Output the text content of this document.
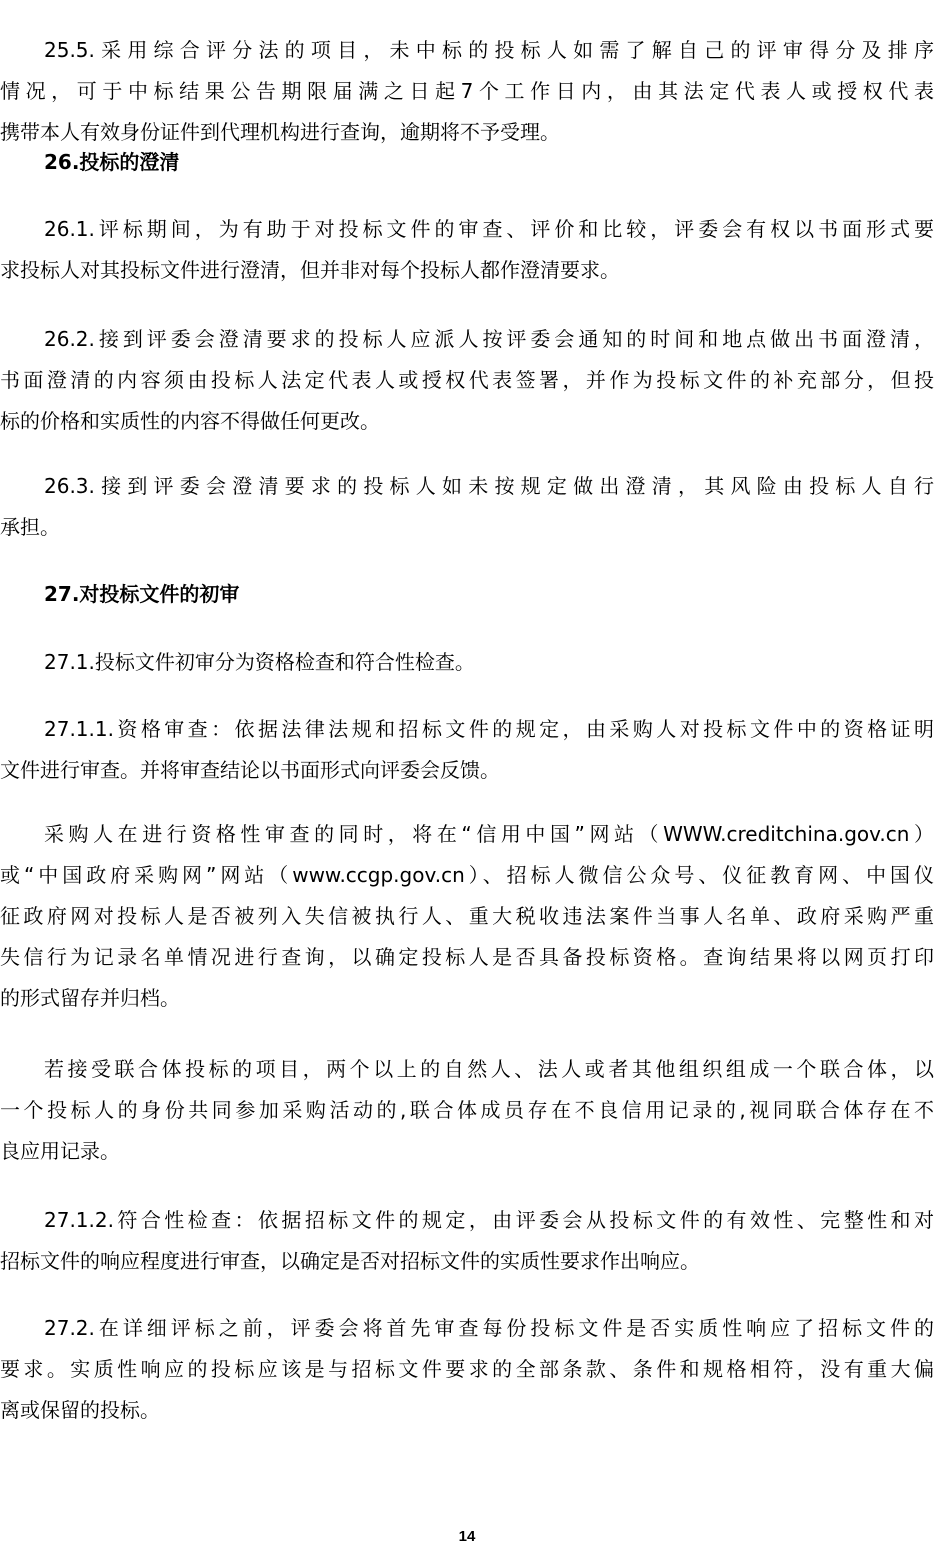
25.5.采用综合评分法的项目，未中标的投标人如需了解自己的评审得分及排序
情况，可于中标结果公告期限届满之日起7个工作日内，由其法定代表人或授权代表
携带本人有效身份证件到代理机构进行查询，逾期将不予受理。
26.投标的澄清
26.1.评标期间，为有助于对投标文件的审查、评价和比较，评委会有权以书面形式要
求投标人对其投标文件进行澄清，但并非对每个投标人都作澄清要求。
26.2.接到评委会澄清要求的投标人应派人按评委会通知的时间和地点做出书面澄清，
书面澄清的内容须由投标人法定代表人或授权代表签署，并作为投标文件的补充部分，但投
标的价格和实质性的内容不得做任何更改。
26.3.接到评委会澄清要求的投标人如未按规定做出澄清，其风险由投标人自行
承担。
27.对投标文件的初审
27.1.投标文件初审分为资格检查和符合性检查。
27.1.1.资格审查：依据法律法规和招标文件的规定，由采购人对投标文件中的资格证明
文件进行审查。并将审查结论以书面形式向评委会反馈。
采购人在进行资格性审查的同时，将在“信用中国”网站（WWW.creditchina.gov.cn）
或“中国政府采购网”网站（www.ccgp.gov.cn）、招标人微信公众号、仪征教育网、中国仪
征政府网对投标人是否被列入失信被执行人、重大税收违法案件当事人名单、政府采购严重
失信行为记录名单情况进行查询，以确定投标人是否具备投标资格。查询结果将以网页打印
的形式留存并归档。
若接受联合体投标的项目，两个以上的自然人、法人或者其他组织组成一个联合体，以
一个投标人的身份共同参加采购活动的,联合体成员存在不良信用记录的,视同联合体存在不
良应用记录。
27.1.2.符合性检查：依据招标文件的规定，由评委会从投标文件的有效性、完整性和对
招标文件的响应程度进行审查，以确定是否对招标文件的实质性要求作出响应。
27.2.在详细评标之前，评委会将首先审查每份投标文件是否实质性响应了招标文件的
要求。实质性响应的投标应该是与招标文件要求的全部条款、条件和规格相符，没有重大偏
离或保留的投标。
14
